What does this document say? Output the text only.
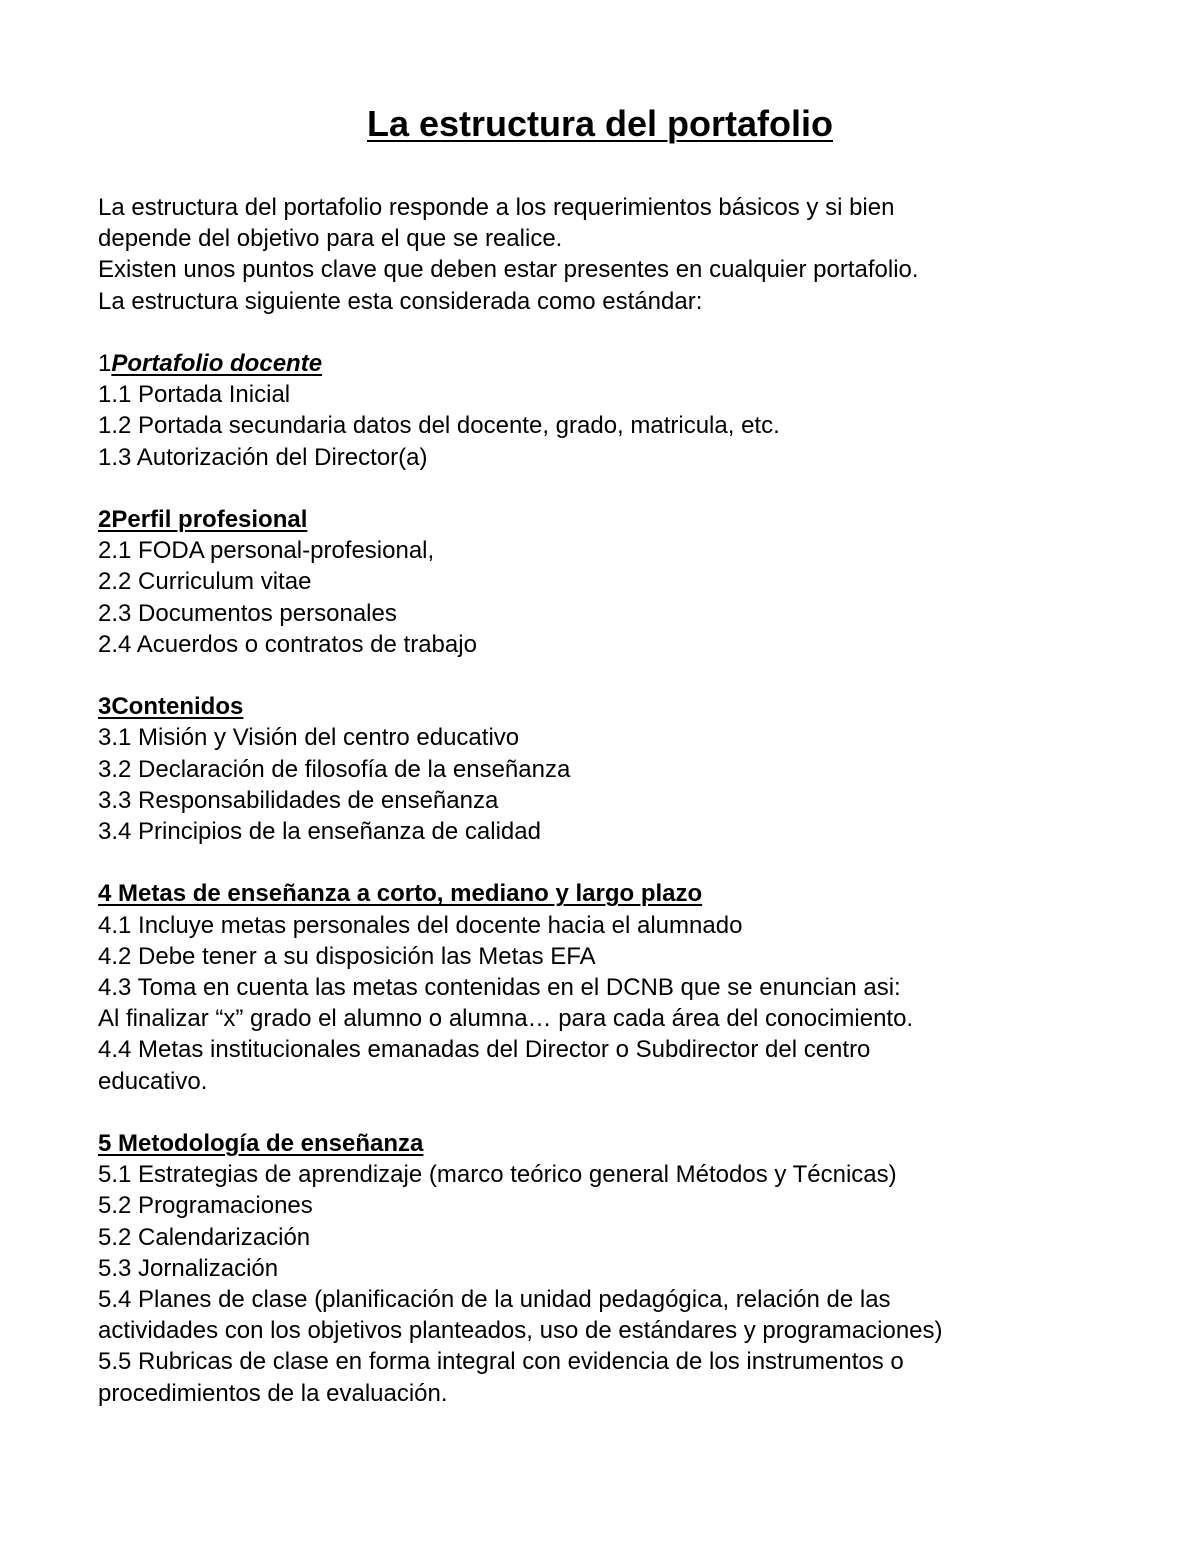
La estructura del portafolio
La estructura del portafolio responde a los requerimientos básicos y si bien
depende del objetivo para el que se realice.
Existen unos puntos clave que deben estar presentes en cualquier portafolio.
La estructura siguiente esta considerada como estándar:
1Portafolio docente
1.1 Portada Inicial
1.2 Portada secundaria datos del docente, grado, matricula, etc.
1.3 Autorización del Director(a)
2Perfil profesional
2.1 FODA personal-profesional,
2.2 Curriculum vitae
2.3 Documentos personales
2.4 Acuerdos o contratos de trabajo
3Contenidos
3.1 Misión y Visión del centro educativo
3.2 Declaración de filosofía de la enseñanza
3.3 Responsabilidades de enseñanza
3.4 Principios de la enseñanza de calidad
4 Metas de enseñanza a corto, mediano y largo plazo
4.1 Incluye metas personales del docente hacia el alumnado
4.2 Debe tener a su disposición las Metas EFA
4.3 Toma en cuenta las metas contenidas en el DCNB que se enuncian asi:
Al finalizar “x” grado el alumno o alumna… para cada área del conocimiento.
4.4 Metas institucionales emanadas del Director o Subdirector del centro
educativo.
5 Metodología de enseñanza
5.1 Estrategias de aprendizaje (marco teórico general Métodos y Técnicas)
5.2 Programaciones
5.2 Calendarización
5.3 Jornalización
5.4 Planes de clase (planificación de la unidad pedagógica, relación de las
actividades con los objetivos planteados, uso de estándares y programaciones)
5.5 Rubricas de clase en forma integral con evidencia de los instrumentos o
procedimientos de la evaluación.
